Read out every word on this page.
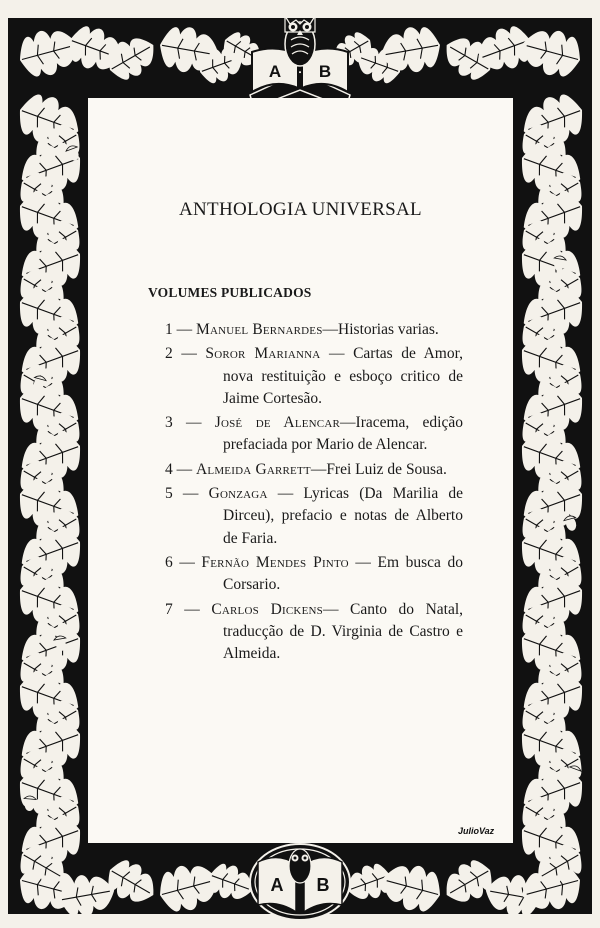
A B
A B
ANTHOLOGIA UNIVERSAL
VOLUMES PUBLICADOS
1 — Manuel Bernardes—Historias varias.
2 — Soror Marianna — Cartas de Amor, nova restituição e esboço critico de Jaime Cortesão.
3 — José de Alencar—Iracema, edição prefaciada por Mario de Alencar.
4 — Almeida Garrett—Frei Luiz de Sousa.
5 — Gonzaga — Lyricas (Da Marilia de Dirceu), prefacio e notas de Alberto de Faria.
6 — Fernão Mendes Pinto — Em busca do Corsario.
7 — Carlos Dickens— Canto do Natal, traducção de D. Virginia de Castro e Almeida.
JulioVaz
